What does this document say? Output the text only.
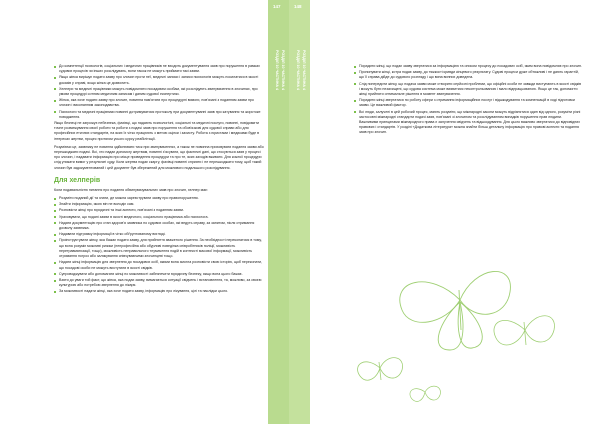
До компетенції психологів, соціальних і медичних працівників не входить документування заяв про порушення в рамках судових процесів чи інших розслідувань, вони також не можуть приймати такі заяви.
Якщо жінка вирішує подати заяву про злочин проти неї, медичні записи і записи психологів можуть посилатися в якості доказів у справі, якщо жінка це дозволить.
Хелпери та медичні працівники можуть повідомляти посадовим особам, які розслідують звинувачення в злочинах, про умови процедурі сотням медичним записам і даним судової експертизи.
Жінка, яка хоче подати заяву про злочин, повинна пам’ятати про процедурні вимоги, пов’язані з поданням заяви про злочин і виконанням законодавства.
Психологи та медичні працівники повинні дотримуватися протоколу при документуванні заяв про катування та жорстоке поводження.

Якщо безпеці не загрожує небезпека, фахівці, що надають психологічні, соціальні та медичні послуги, повинні, повідомити точне розмежування своєї роботи та роботи з подачі заяв про порушення та обов’язкові для судової справи або для професійних етичних стандартів, на яких їх чітко працюють з метою оцінки і захисту. Робота з юристами і медиками буде в інтересах жертви, процес протягом усього курсу реабілітації.

Розуміючи це, заявнику не повинна здійснювати тиск при звинуваченнях, а також не повинна приховувати подання заяви або перешкоджати подачі. Всі, хто надає допомогу жертвам, повинні з’ясувати, що фактичні дані, що стосуються заяв у процесі про злочин, і надавати інформацію про місце проведення процедури та про те, яких заходів вживати. Для кожної процедури слід уникати вимог у результаті суду. Коли жертва подає скаргу, фахівці повинні сприяти і не перешкоджати тому, щоб такий злочин був задокументований і цей документ був збережений для можливого подальшого розслідування.

Для хелперів

Коли подавальністю питання про подання обвинувачувальних заяв про злочин, хелпер має:

Розуміти поданий дії та знати, де можна зареєструвати заяву про правопорушення.
Знайти інформацію, якою він не володіє сам.
Розповісти жінці про юридичні та інші аспекти, пов’язані з поданням заяви.
Ураховувати, що подані заяви в якості медичного, соціального працівника або психолога.
Надати документацію про стан здоров’я заявника по судових особах, які ведуть справу, за запитом, після отримання дозволу заявника.
Надавати підтримку інформації в чітко обґрунтованому вигляді.
Проінструктувати жінку, яка бажає подати заяву, для прийняття зваженого рішення. За необхідності переконатися в тому, що вона розуміє можливі ризики (непрофесійна або обурливі поведінка співробітників поліції, можливість перетравматизації, тощо), можливість неправильного тлумачення подій в контексті масової інформації, можливість отримання погроз або залякування співчуваючими злочинцеві тощо.
Надати жінці інформацію для звернення до посадових осіб, якими вона змогла розповісти свою історію, щоб переконати, що посадові особи не можуть виступати в якості свідків.
Супроводжувати або допомагати жінці по можливості забезпечити юридичну безпеку, якщо вона цього бажає.
Взяти до уваги той факт, що жінка, яка подає заяву, вимагається ситуації свідчень і встановлення, та, можливо, за своєю культурою або потребою звернення до лікаря.
За можливості надати жінці, яка хоче подати заяву, інформацію про лікування, цілі та наслідки цього.
147	148
РОЗДІЛ 10 ЧАСТИНА 4 РОЗДІЛ 10 ЧАСТИНА 4	РОЗДІЛ 10 ЧАСТИНА 4 РОЗДІЛ 10 ЧАСТИНА 4	Порадити жінці, що подає заяву звертатися за інформацією та описом процесу до посадових осіб, яким вона повідомляє про злочин.
Пропонувати жінці, котра подає заяву, до тяжкості кривди кінцевого результату. Судові процеси дуже обтяжливі і не дають гарантій, що її справа дійде до судового розгляду і що вина винних доведена.
Слід попередити жінку, що подача заяви може створити серйозні проблеми, що офіційні особи не завжди виступають в якості свідків і можуть бути незахищені, що судова система може виявитися неконтрольованою і мало відпрацьованою. Якщо це так, допомогти жінці прийняти оптимальне рішення в момент звинувачення.
Порадити жінці звертатися по роботу сфери з отримання інформаційних послуг і відшкодування та компенсацій в ході підготовки заяви. Це важливий фактор.
Всі люди, залучені в цей робочий процес, мають розуміти, що міжнародні закони можуть відрізнятися один від одного, розуміти різні застосовні міжнародні стандарти подачі заяв, пов’язані зі злочином та розслідуванням випадків порушення прав людини. Важливими принципами міжнародного права є залучення свідчень та відшкодування. Для цього важливо звертатися до відповідних правових і стандартів. У розділі «Додаткова література» можна знайти більш детальну інформацію про правові аспекти та подання заяв про злочин.
